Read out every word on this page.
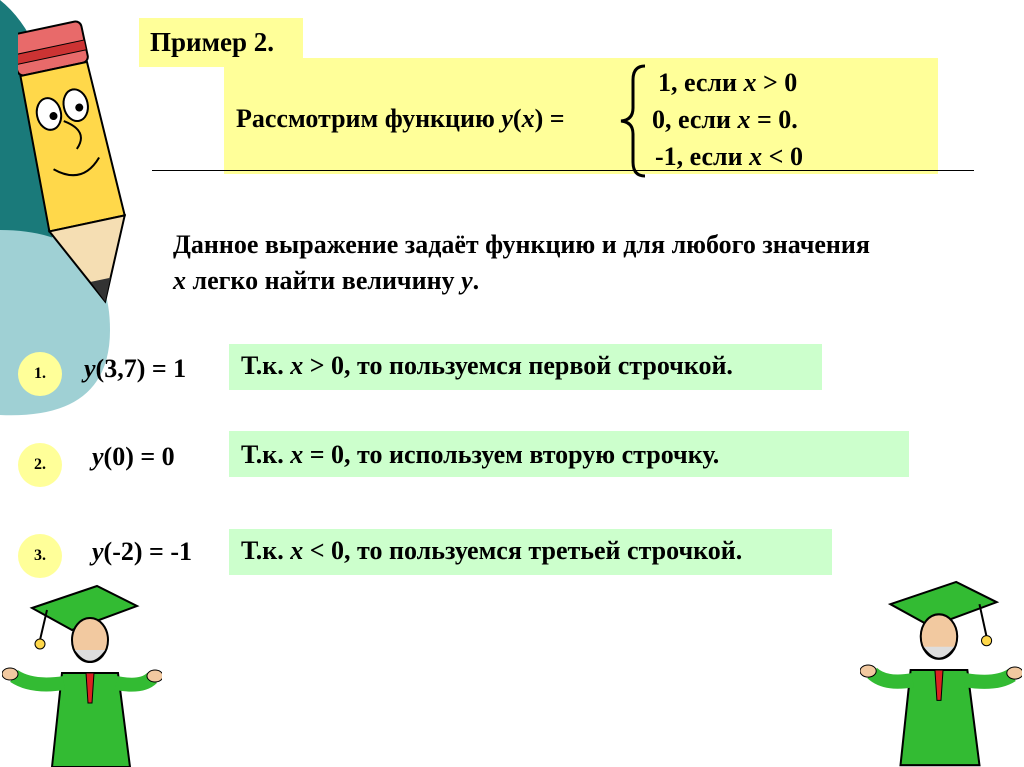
Пример 2.
Рассмотрим функцию y(x) =
1, если x > 0
0, если x = 0.
-1, если x < 0
Данное выражение задаёт функцию и для любого значения x легко найти величину y.
1.	y(3,7) = 1 Т.к. x > 0, то пользуемся первой строчкой.
2.	y(0) = 0	Т.к. x = 0, то используем вторую строчку.
3.	y(-2) = -1 Т.к. x < 0, то пользуемся третьей строчкой.
